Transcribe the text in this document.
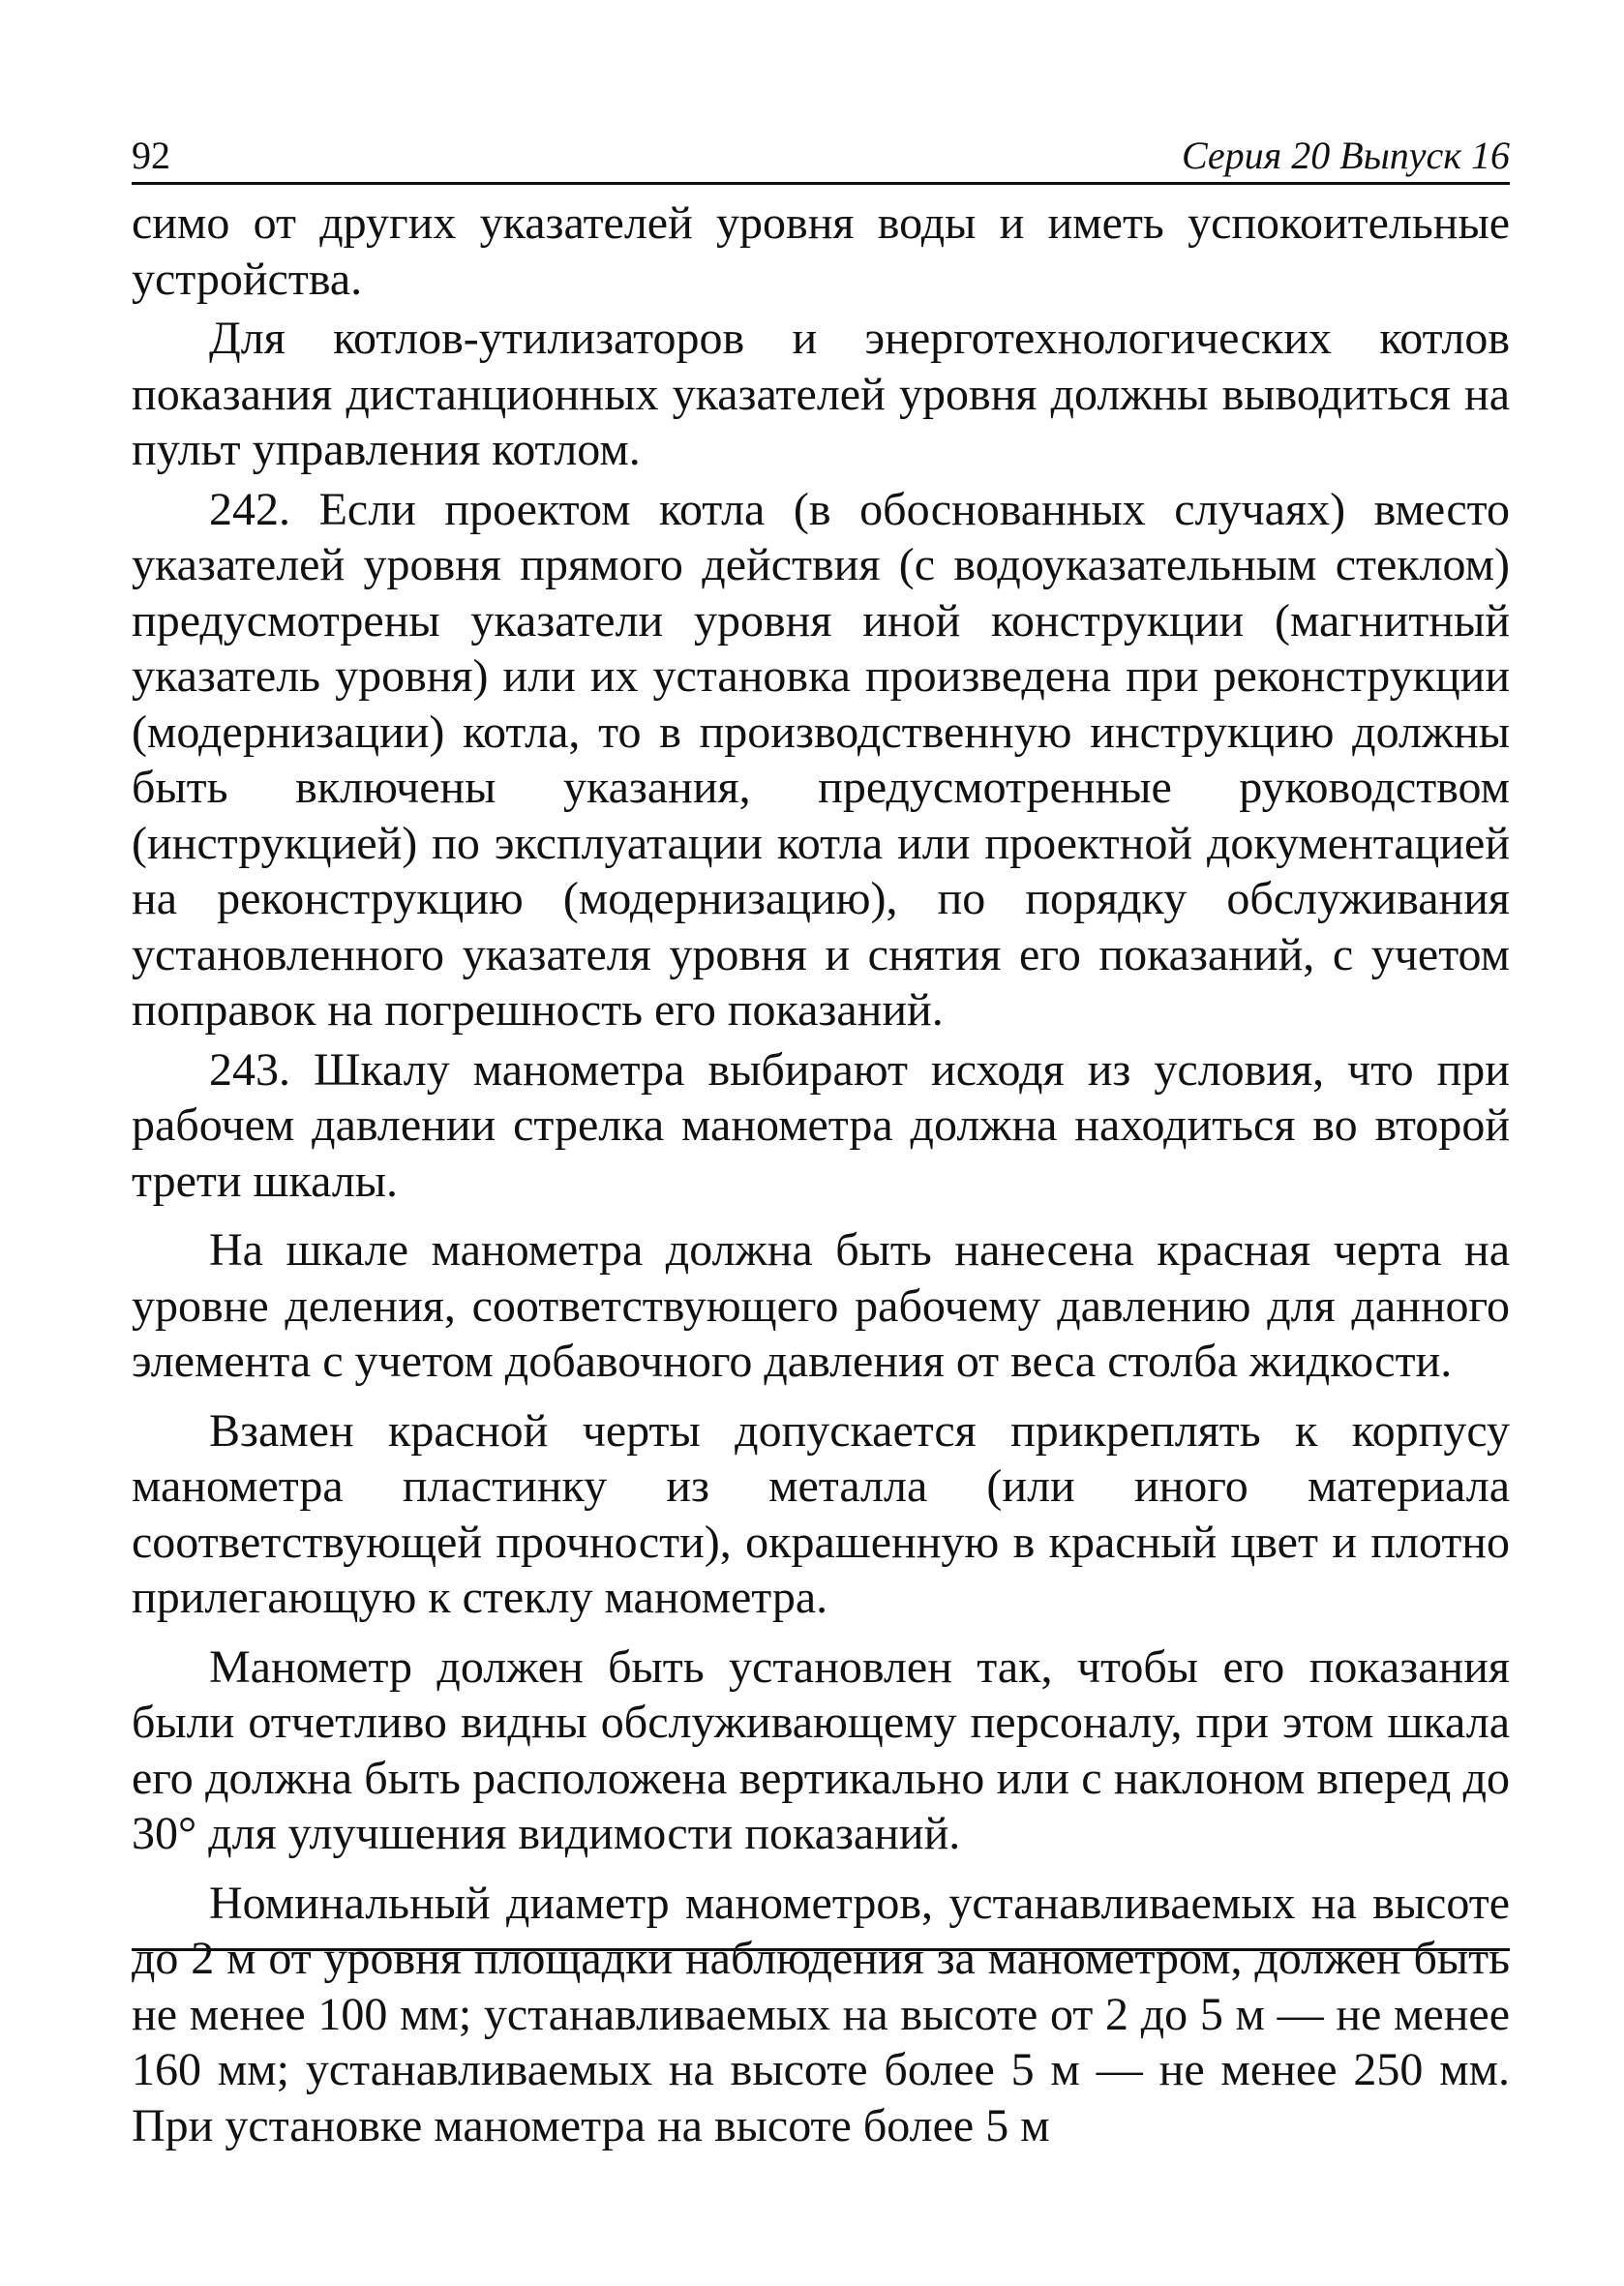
92	Серия 20 Выпуск 16

симо от других указателей уровня воды и иметь успокоительные устройства.

Для котлов-утилизаторов и энерготехнологических котлов показания дистанционных указателей уровня должны выводиться на пульт управления котлом.

242. Если проектом котла (в обоснованных случаях) вместо указателей уровня прямого действия (с водоуказательным стеклом) предусмотрены указатели уровня иной конструкции (магнитный указатель уровня) или их установка произведена при реконструкции (модернизации) котла, то в производственную инструкцию должны быть включены указания, предусмотренные руководством (инструкцией) по эксплуатации котла или проектной документацией на реконструкцию (модернизацию), по порядку обслуживания установленного указателя уровня и снятия его показаний, с учетом поправок на погрешность его показаний.

243. Шкалу манометра выбирают исходя из условия, что при рабочем давлении стрелка манометра должна находиться во второй трети шкалы.

На шкале манометра должна быть нанесена красная черта на уровне деления, соответствующего рабочему давлению для данного элемента с учетом добавочного давления от веса столба жидкости.

Взамен красной черты допускается прикреплять к корпусу манометра пластинку из металла (или иного материала соответствующей прочности), окрашенную в красный цвет и плотно прилегающую к стеклу манометра.

Манометр должен быть установлен так, чтобы его показания были отчетливо видны обслуживающему персоналу, при этом шкала его должна быть расположена вертикально или с наклоном вперед до 30° для улучшения видимости показаний.

Номинальный диаметр манометров, устанавливаемых на высоте до 2 м от уровня площадки наблюдения за манометром, должен быть не менее 100 мм; устанавливаемых на высоте от 2 до 5 м — не менее 160 мм; устанавливаемых на высоте более 5 м — не менее 250 мм. При установке манометра на высоте более 5 м
